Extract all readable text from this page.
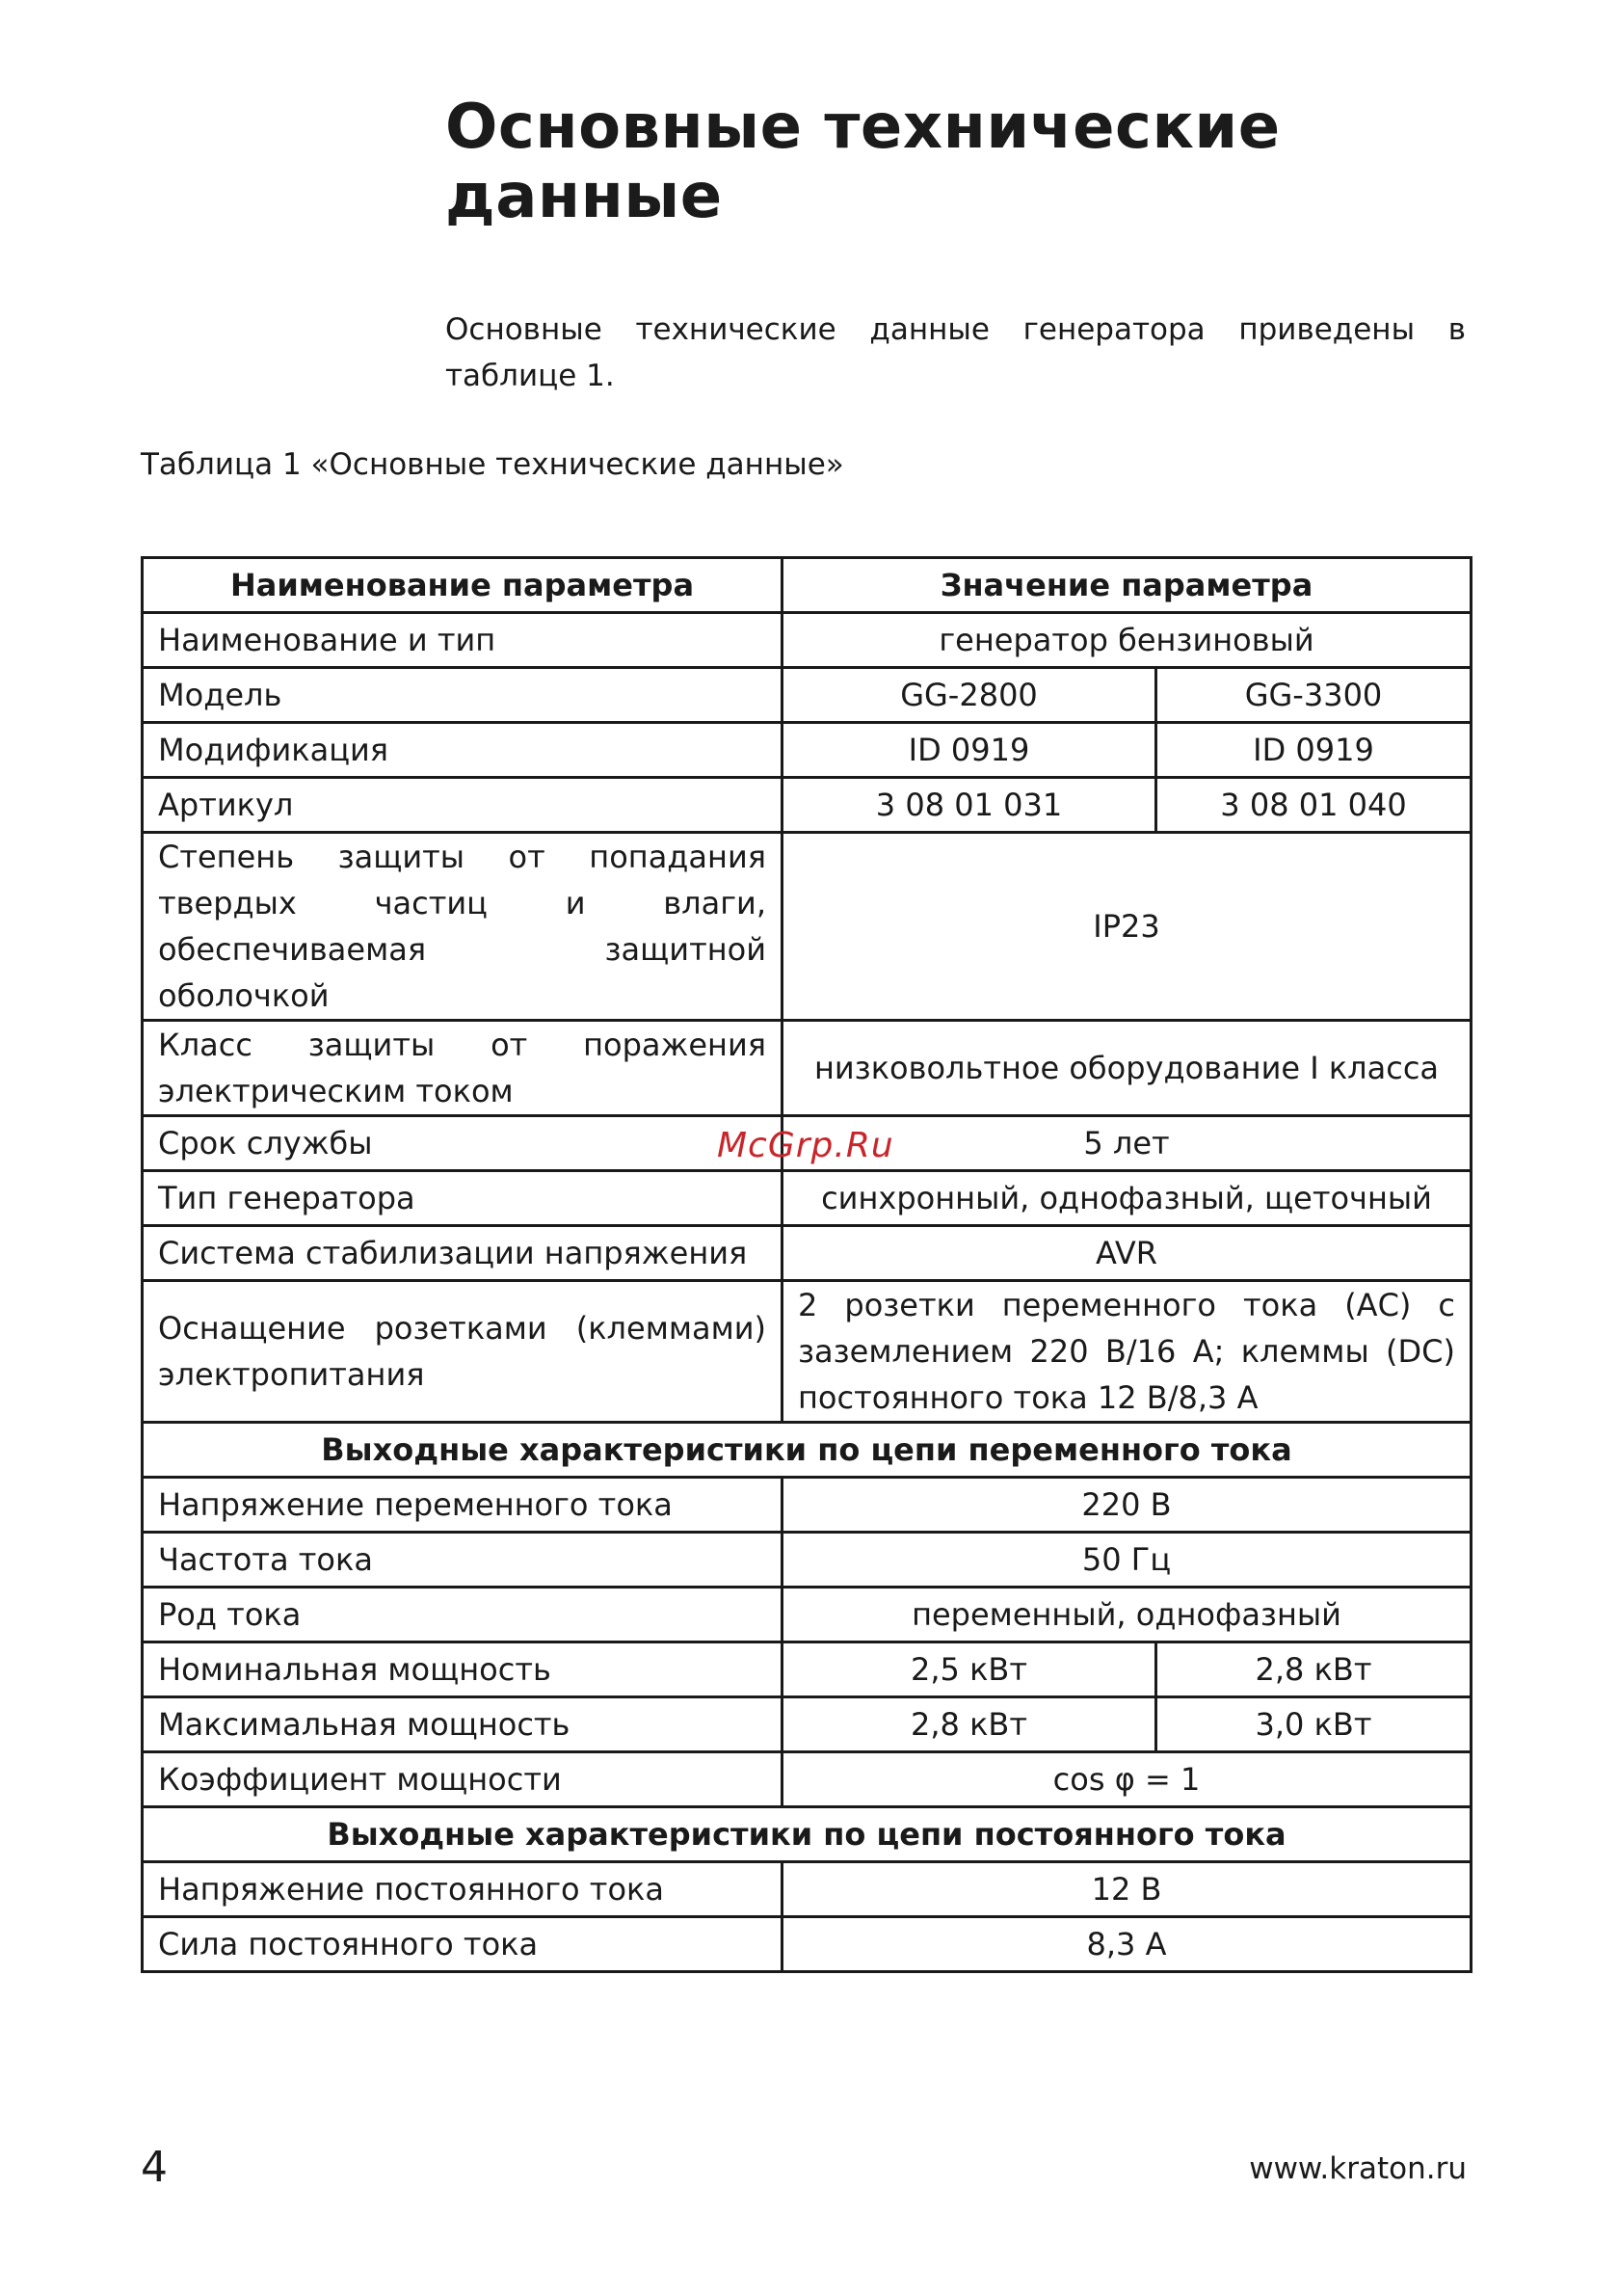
Основные технические данные

Основные технические данные генератора приведены в таблице 1.

Таблица 1 «Основные технические данные»

Наименование параметра	Значение параметра	
Наименование и тип	генератор бензиновый	
Модель	GG-2800	GG-3300
Модификация	ID 0919	ID 0919
Артикул	3 08 01 031	3 08 01 040
Степень защиты от попадания твердых частиц и влаги, обеспечиваемая защитной оболочкой	IP23	
Класс защиты от поражения электрическим током	низковольтное оборудование I класса	
Срок службы	5 лет	
Тип генератора	синхронный, однофазный, щеточный	
Система стабилизации напряжения	AVR	
Оснащение розетками (клеммами) электропитания	2 розетки переменного тока (АС) с заземлением 220 В/16 А; клеммы (DC) постоянного тока 12 В/8,3 А	
Выходные характеристики по цепи переменного тока		
Напряжение переменного тока	220 В	
Частота тока	50 Гц	
Род тока	переменный, однофазный	
Номинальная мощность	2,5 кВт	2,8 кВт
Максимальная мощность	2,8 кВт	3,0 кВт
Коэффициент мощности	cos φ = 1	
Выходные характеристики по цепи постоянного тока		
Напряжение постоянного тока	12 В	
Сила постоянного тока	8,3 А	
McGrp.Ru
4	www.kraton.ru
